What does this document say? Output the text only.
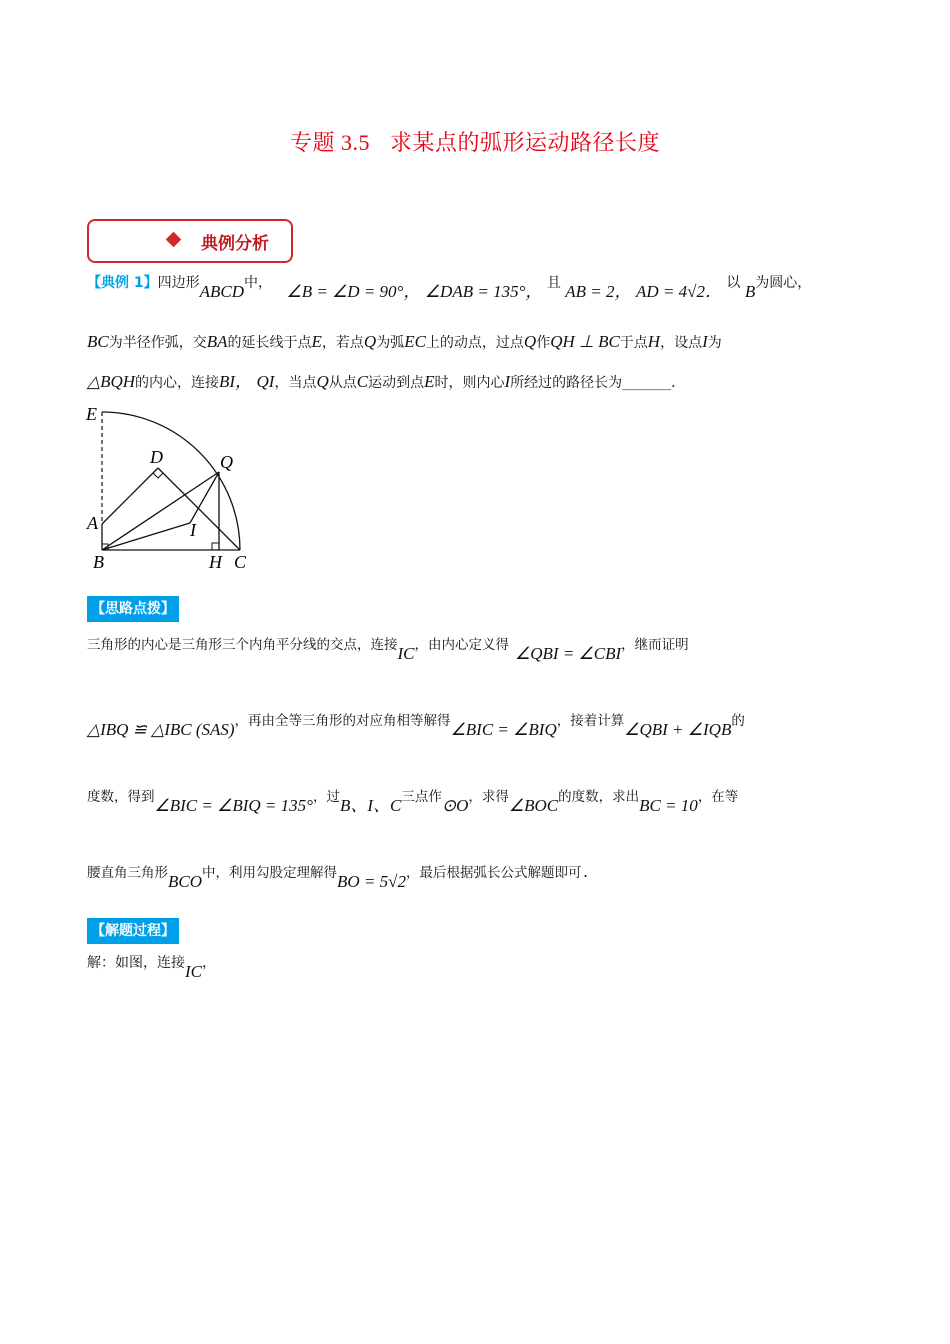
专题 3.5 求某点的弧形运动路径长度
典例分析
【典例 1】四边形ABCD中， ∠B = ∠D = 90°， ∠DAB = 135°， 且 AB = 2， AD = 4√2． 以 B为圆心，
BC为半径作弧，交BA的延长线于点E，若点Q为弧EC上的动点，过点Q作QH ⊥ BC于点H，设点I为
△BQH的内心，连接BI， QI，当点Q从点C运动到点E时，则内心I所经过的路径长为_______．
E
D	Q
A	I
B	H C
【思路点拨】
三角形的内心是三角形三个内角平分线的交点，连接IC，由内心定义得 ∠QBI = ∠CBI，继而证明
△IBQ ≌ △IBC (SAS)，再由全等三角形的对应角相等解得∠BIC = ∠BIQ，接着计算∠QBI + ∠IQB的
度数，得到∠BIC = ∠BIQ = 135°，过B、I、C三点作⊙O，求得∠BOC的度数，求出BC = 10，在等
腰直角三角形BCO中，利用勾股定理解得BO = 5√2，最后根据弧长公式解题即可.
【解题过程】
解：如图，连接IC，
